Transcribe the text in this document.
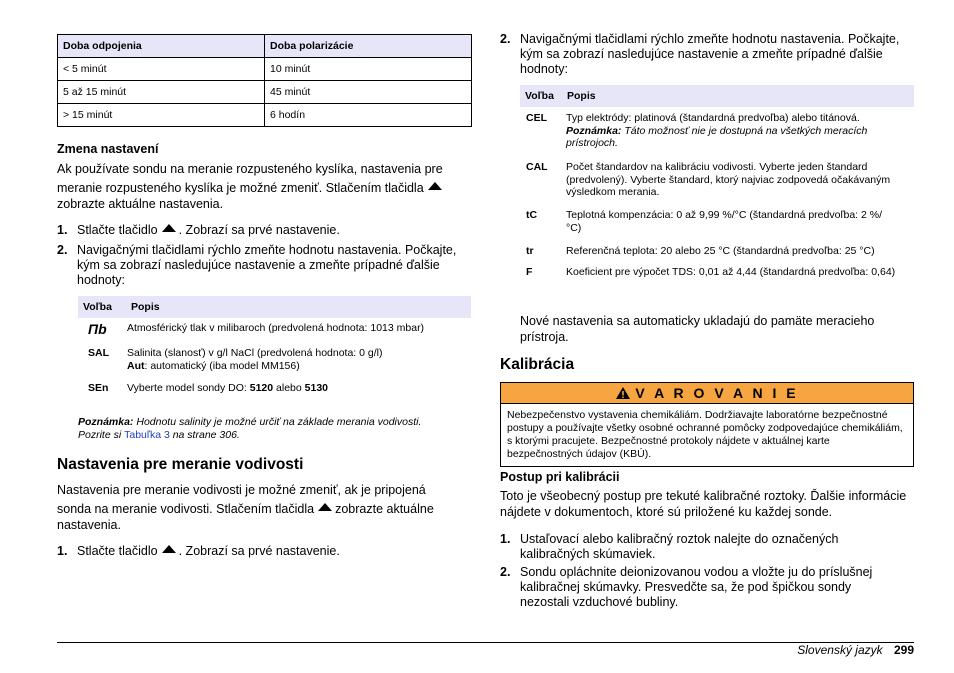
Doba odpojenia	Doba polarizácie
< 5 minút	10 minút
5 až 15 minút	45 minút
> 15 minút	6 hodín
Zmena nastavení
Ak používate sondu na meranie rozpusteného kyslíka, nastavenia pre
meranie rozpusteného kyslíka je možné zmeniť. Stlačením tlačidla
zobrazte aktuálne nastavenia.
1. Stlačte tlačidlo . Zobrazí sa prvé nastavenie.
2. Navigačnými tlačidlami rýchlo zmeňte hodnotu nastavenia. Počkajte, kým sa zobrazí nasledujúce nastavenie a zmeňte prípadné ďalšie hodnoty:
Voľba	Popis
Пb Atmosférický tlak v milibaroch (predvolená hodnota: 1013 mbar)
SAL Salinita (slanosť) v g/l NaCl (predvolená hodnota: 0 g/l)
Aut: automatický (iba model MM156)
SEn Vyberte model sondy DO: 5120 alebo 5130
Poznámka: Hodnotu salinity je možné určiť na základe merania vodivosti.
Pozrite si Tabuľka 3 na strane 306.
Nastavenia pre meranie vodivosti
Nastavenia pre meranie vodivosti je možné zmeniť, ak je pripojená
sonda na meranie vodivosti. Stlačením tlačidla zobrazte aktuálne
nastavenia.
1. Stlačte tlačidlo . Zobrazí sa prvé nastavenie.
2. Navigačnými tlačidlami rýchlo zmeňte hodnotu nastavenia. Počkajte, kým sa zobrazí nasledujúce nastavenie a zmeňte prípadné ďalšie hodnoty:
Voľba	Popis
CEL Typ elektródy: platinová (štandardná predvoľba) alebo titánová.
Poznámka: Táto možnosť nie je dostupná na všetkých meracích prístrojoch.
CAL Počet štandardov na kalibráciu vodivosti. Vyberte jeden štandard (predvolený). Vyberte štandard, ktorý najviac zodpovedá očakávaným výsledkom merania.
tC	Teplotná kompenzácia: 0 až 9,99 %/°C (štandardná predvoľba: 2 %/°C)
tr	Referenčná teplota: 20 alebo 25 °C (štandardná predvoľba: 25 °C)
F	Koeficient pre výpočet TDS: 0,01 až 4,44 (štandardná predvoľba: 0,64)
Nové nastavenia sa automaticky ukladajú do pamäte meracieho prístroja.
Kalibrácia
V A R O V A N I E
Nebezpečenstvo vystavenia chemikáliám. Dodržiavajte laboratórne bezpečnostné postupy a používajte všetky osobné ochranné pomôcky zodpovedajúce chemikáliám, s ktorými pracujete. Bezpečnostné protokoly nájdete v aktuálnej karte bezpečnostných údajov (KBÚ).
Postup pri kalibrácii
Toto je všeobecný postup pre tekuté kalibračné roztoky. Ďalšie informácie nájdete v dokumentoch, ktoré sú priložené ku každej sonde.
1. Ustaľovací alebo kalibračný roztok nalejte do označených kalibračných skúmaviek.
2. Sondu opláchnite deionizovanou vodou a vložte ju do príslušnej kalibračnej skúmavky. Presvedčte sa, že pod špičkou sondy nezostali vzduchové bubliny.
Slovenský jazyk 299
